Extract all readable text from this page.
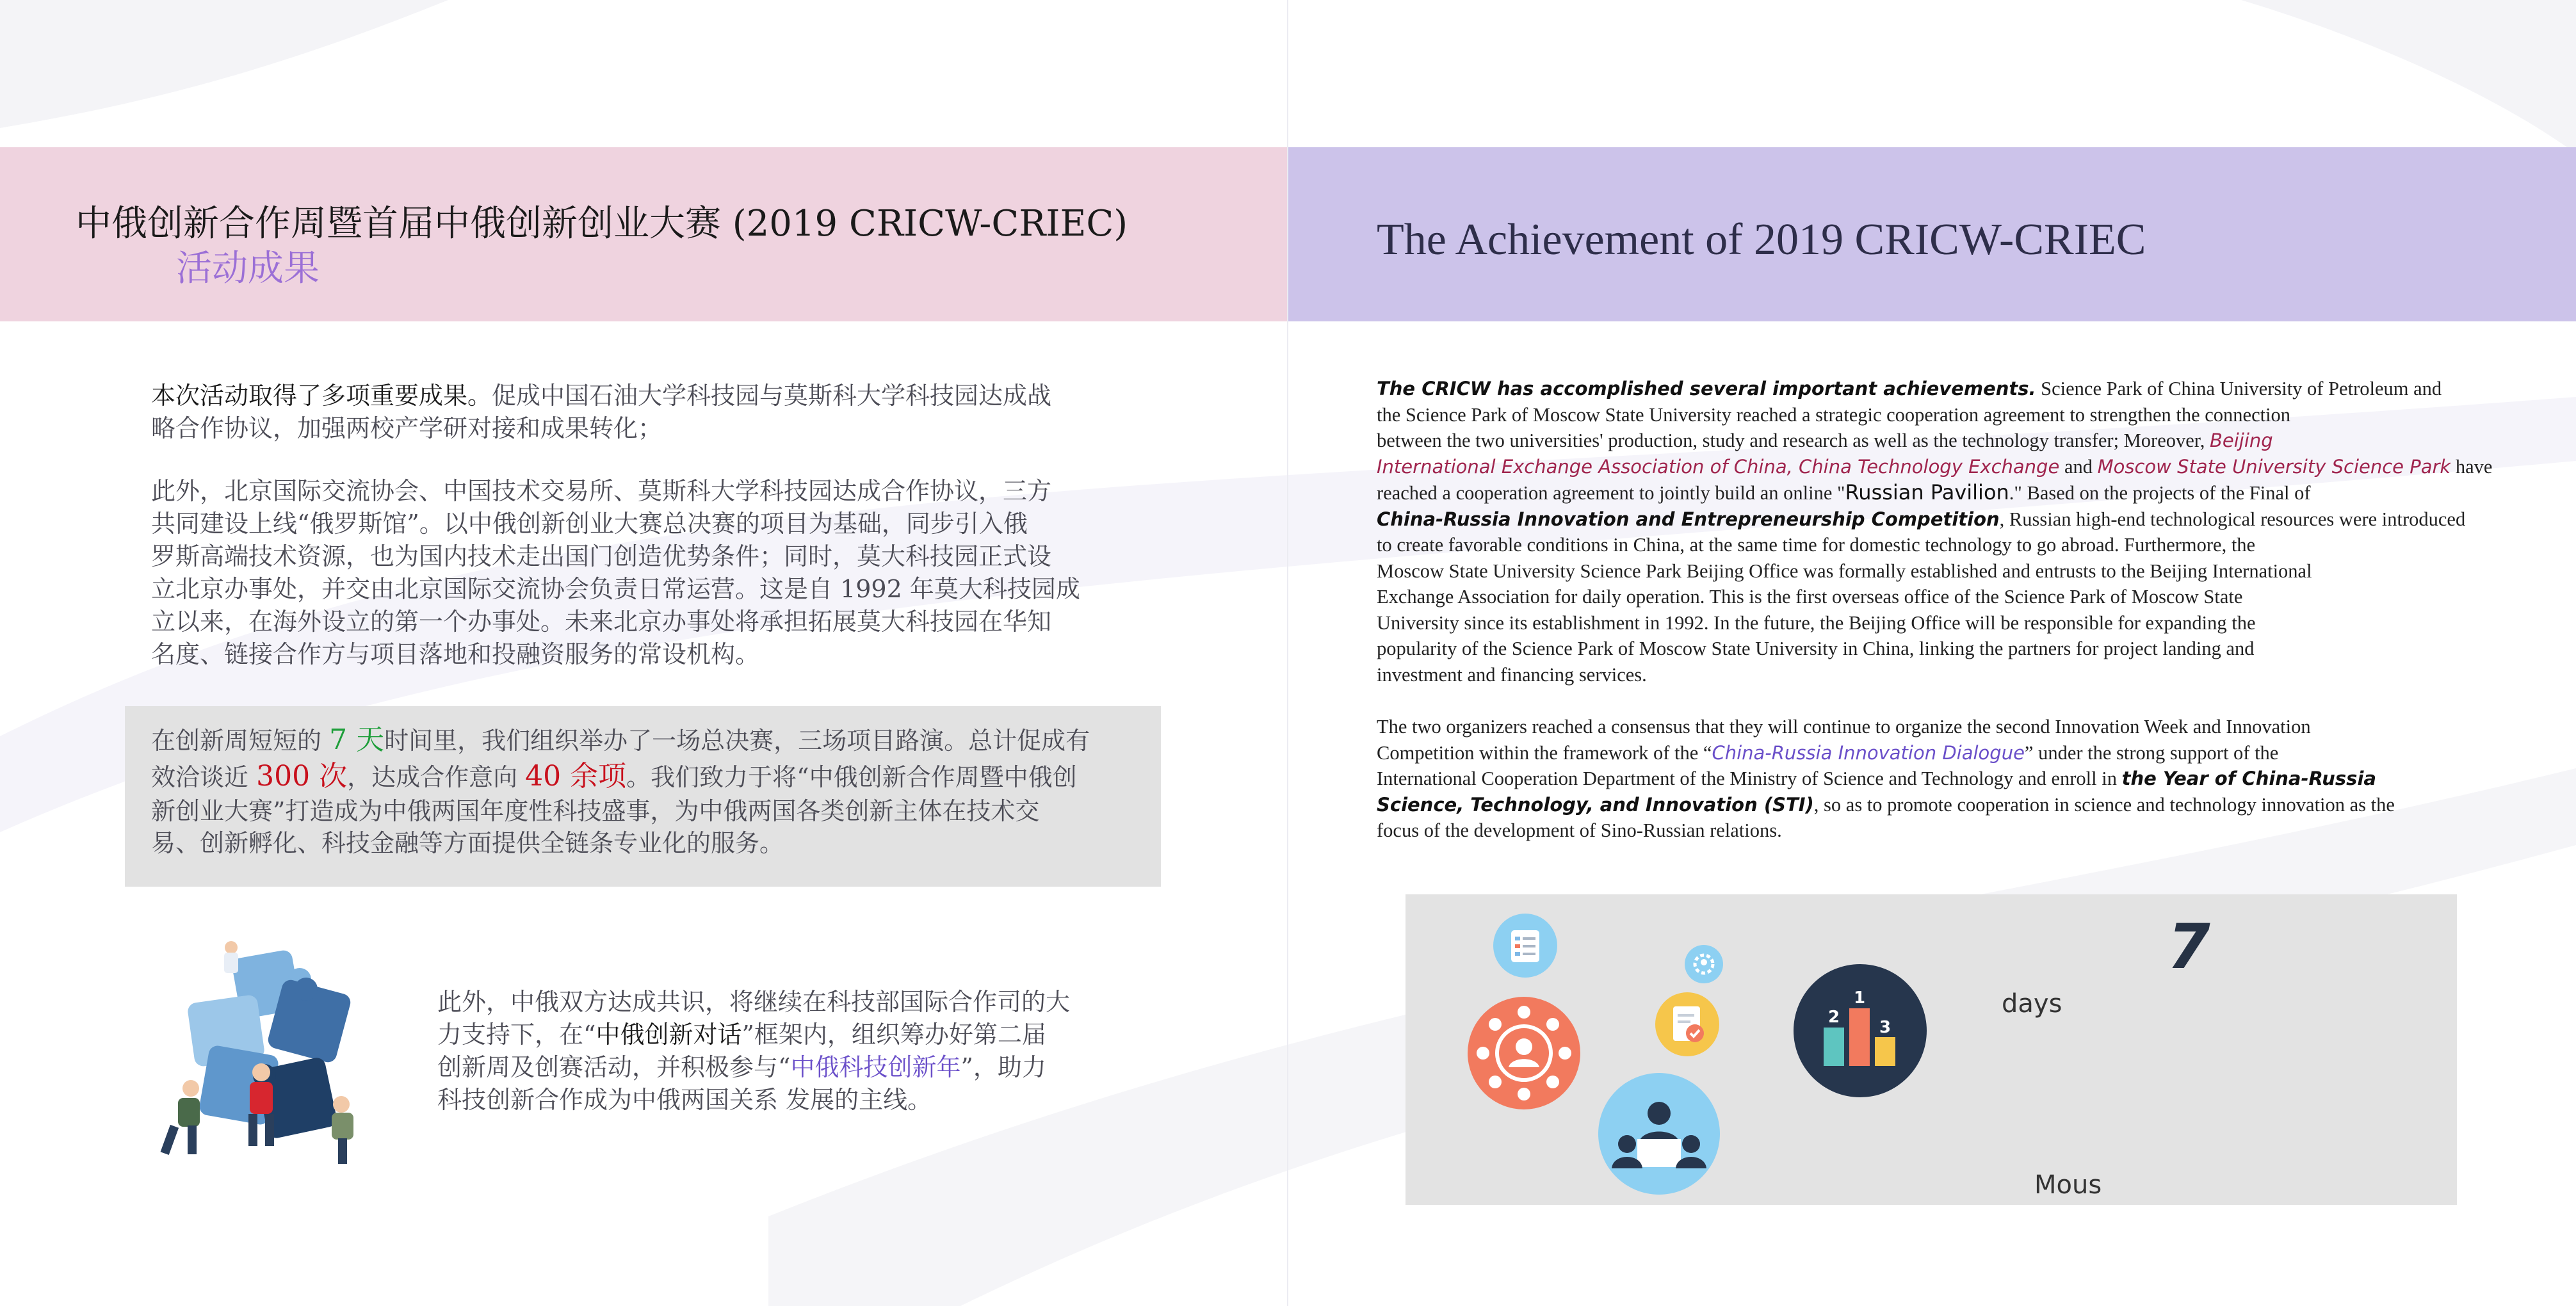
中俄创新合作周暨首届中俄创新创业大赛 (2019 CRICW-CRIEC)
活动成果
The Achievement of 2019 CRICW-CRIEC
本次活动取得了多项重要成果。促成中国石油大学科技园与莫斯科大学科技园达成战
略合作协议，加强两校产学研对接和成果转化；
此外，北京国际交流协会、中国技术交易所、莫斯科大学科技园达成合作协议，三方
共同建设上线“俄罗斯馆”。以中俄创新创业大赛总决赛的项目为基础，同步引入俄
罗斯高端技术资源，也为国内技术走出国门创造优势条件；同时，莫大科技园正式设
立北京办事处，并交由北京国际交流协会负责日常运营。这是自 1992 年莫大科技园成
立以来，在海外设立的第一个办事处。未来北京办事处将承担拓展莫大科技园在华知
名度、链接合作方与项目落地和投融资服务的常设机构。
在创新周短短的 7 天时间里，我们组织举办了一场总决赛，三场项目路演。总计促成有
效洽谈近 300 次，达成合作意向 40 余项。我们致力于将“中俄创新合作周暨中俄创
新创业大赛”打造成为中俄两国年度性科技盛事，为中俄两国各类创新主体在技术交
易、创新孵化、科技金融等方面提供全链条专业化的服务。
此外，中俄双方达成共识，将继续在科技部国际合作司的大
力支持下，在“中俄创新对话”框架内，组织筹办好第二届
创新周及创赛活动，并积极参与“中俄科技创新年”，助力
科技创新合作成为中俄两国关系 发展的主线。
The CRICW has accomplished several important achievements. Science Park of China University of Petroleum and
the Science Park of Moscow State University reached a strategic cooperation agreement to strengthen the connection
between the two universities' production, study and research as well as the technology transfer; Moreover, Beijing
International Exchange Association of China, China Technology Exchange and Moscow State University Science Park have
reached a cooperation agreement to jointly build an online "Russian Pavilion." Based on the projects of the Final of
China-Russia Innovation and Entrepreneurship Competition, Russian high-end technological resources were introduced
to create favorable conditions in China, at the same time for domestic technology to go abroad. Furthermore, the
Moscow State University Science Park Beijing Office was formally established and entrusts to the Beijing International
Exchange Association for daily operation. This is the first overseas office of the Science Park of Moscow State
University since its establishment in 1992. In the future, the Beijing Office will be responsible for expanding the
popularity of the Science Park of Moscow State University in China, linking the partners for project landing and
investment and financing services.
The two organizers reached a consensus that they will continue to organize the second Innovation Week and Innovation
Competition within the framework of the “China-Russia Innovation Dialogue” under the strong support of the
International Cooperation Department of the Ministry of Science and Technology and enroll in the Year of China-Russia
Science, Technology, and Innovation (STI), so as to promote cooperation in science and technology innovation as the
focus of the development of Sino-Russian relations.
2
1
3
7
days
Mous
